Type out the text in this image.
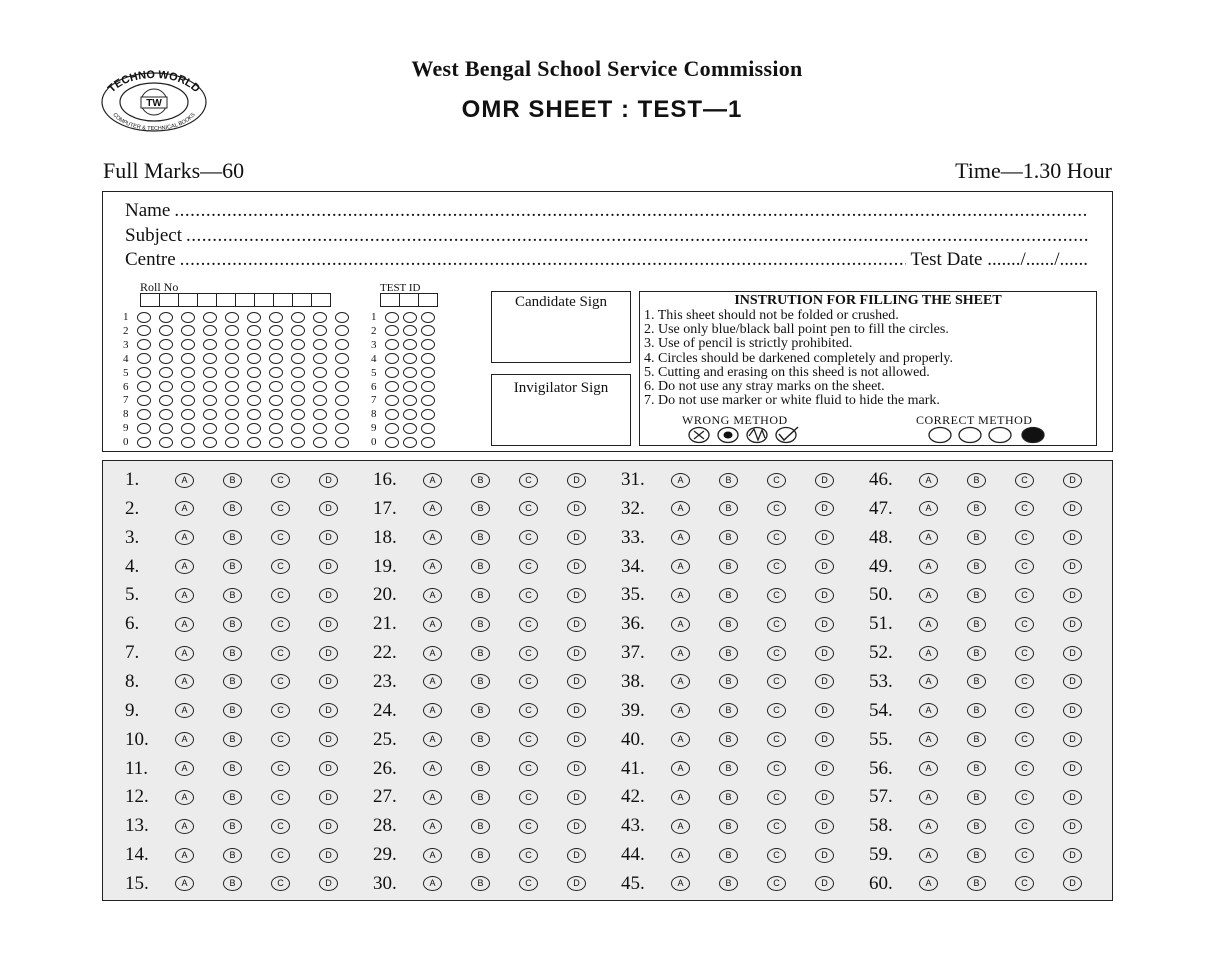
TECHNO WORLD
COMPUTER & TECHNICAL BOOKS
TW
West Bengal School Service Commission
OMR SHEET : TEST—1
Full Marks—60	Time—1.30 Hour
Name
.....
Subject
.....
Centre
.....	Test Date ......./....../......
Roll No	TEST ID
1
2
3
4
5
6
7
8
9
0
1
2
3
4
5
6
7
8
9
0
Candidate Sign
Invigilator Sign
INSTRUTION FOR FILLING THE SHEET
1. This sheet should not be folded or crushed.
2. Use only blue/black ball point pen to fill the circles.
3. Use of pencil is strictly prohibited.
4. Circles should be darkened completely and properly.
5. Cutting and erasing on this sheed is not allowed.
6. Do not use any stray marks on the sheet.
7. Do not use marker or white fluid to hide the mark.
WRONG METHOD	CORRECT METHOD
1.	A	B	C	D
2.	A	B	C	D
3.	A	B	C	D
4.	A	B	C	D
5.	A	B	C	D
6.	A	B	C	D
7.	A	B	C	D
8.	A	B	C	D
9.	A	B	C	D
10.	A	B	C	D
11.	A	B	C	D
12.	A	B	C	D
13.	A	B	C	D
14.	A	B	C	D
15.	A	B	C	D
16.	A	B	C	D
17.	A	B	C	D
18.	A	B	C	D
19.	A	B	C	D
20.	A	B	C	D
21.	A	B	C	D
22.	A	B	C	D
23.	A	B	C	D
24.	A	B	C	D
25.	A	B	C	D
26.	A	B	C	D
27.	A	B	C	D
28.	A	B	C	D
29.	A	B	C	D
30.	A	B	C	D
31.	A	B	C	D
32.	A	B	C	D
33.	A	B	C	D
34.	A	B	C	D
35.	A	B	C	D
36.	A	B	C	D
37.	A	B	C	D
38.	A	B	C	D
39.	A	B	C	D
40.	A	B	C	D
41.	A	B	C	D
42.	A	B	C	D
43.	A	B	C	D
44.	A	B	C	D
45.	A	B	C	D
46.	A	B	C	D
47.	A	B	C	D
48.	A	B	C	D
49.	A	B	C	D
50.	A	B	C	D
51.	A	B	C	D
52.	A	B	C	D
53.	A	B	C	D
54.	A	B	C	D
55.	A	B	C	D
56.	A	B	C	D
57.	A	B	C	D
58.	A	B	C	D
59.	A	B	C	D
60.	A	B	C	D
